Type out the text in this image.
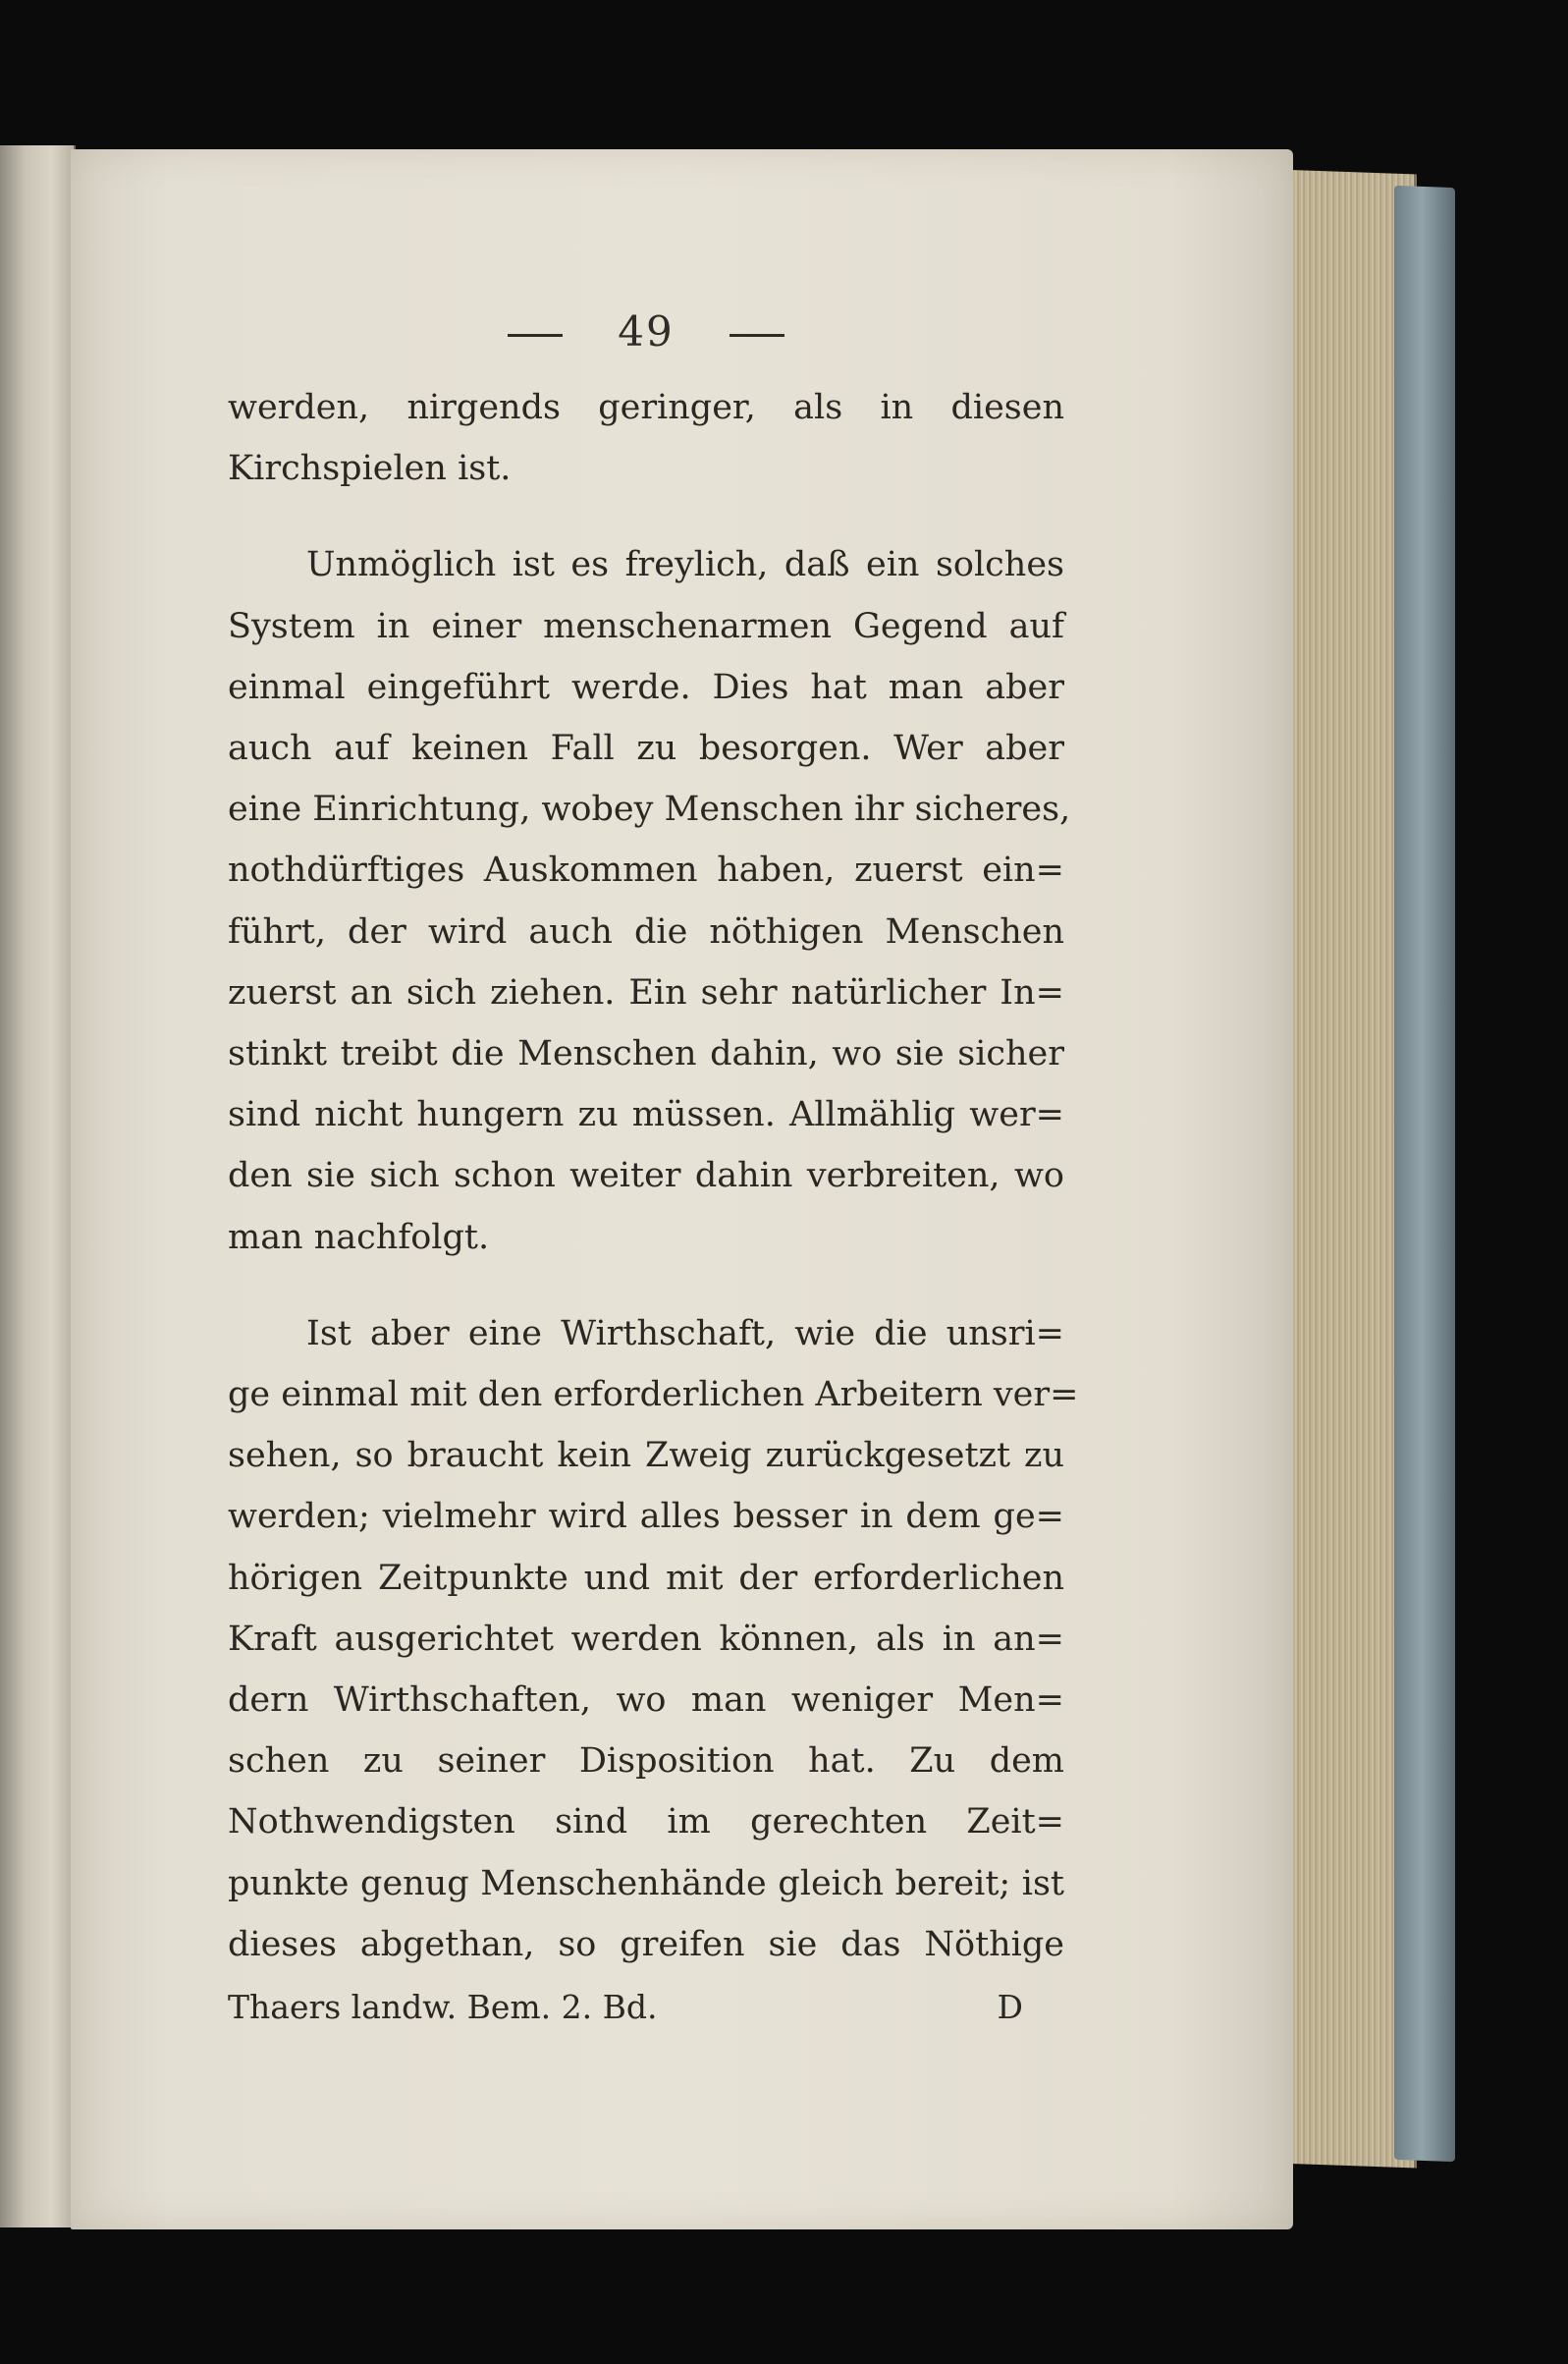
49

werden, nirgends geringer, als in diesen
Kirchspielen ist.

Unmöglich ist es freylich, daß ein solches
System in einer menschenarmen Gegend auf
einmal eingeführt werde. Dies hat man aber
auch auf keinen Fall zu besorgen. Wer aber
eine Einrichtung, wobey Menschen ihr sicheres,
nothdürftiges Auskommen haben, zuerst ein=
führt, der wird auch die nöthigen Menschen
zuerst an sich ziehen. Ein sehr natürlicher In=
stinkt treibt die Menschen dahin, wo sie sicher
sind nicht hungern zu müssen. Allmählig wer=
den sie sich schon weiter dahin verbreiten, wo
man nachfolgt.

Ist aber eine Wirthschaft, wie die unsri=
ge einmal mit den erforderlichen Arbeitern ver=
sehen, so braucht kein Zweig zurückgesetzt zu
werden; vielmehr wird alles besser in dem ge=
hörigen Zeitpunkte und mit der erforderlichen
Kraft ausgerichtet werden können, als in an=
dern Wirthschaften, wo man weniger Men=
schen zu seiner Disposition hat. Zu dem
Nothwendigsten sind im gerechten Zeit=
punkte genug Menschenhände gleich bereit; ist
dieses abgethan, so greifen sie das Nöthige

Thaers landw. Bem. 2. Bd.	D
